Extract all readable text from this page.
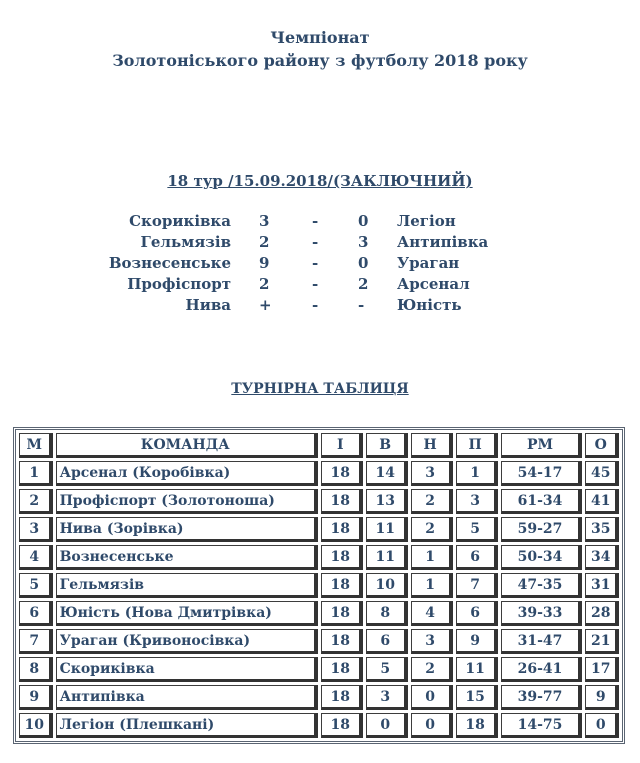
Чемпіонат
Золотоніського району з футболу 2018 року
18 тур /15.09.2018/(ЗАКЛЮЧНИЙ)
Скориківка 3	-	0 Легіон
Гельмязів 2	-	3 Антипівка
Вознесенське 9	-	0 Ураган
Профіспорт 2	-	2 Арсенал
Нива +	-	- Юність
ТУРНІРНА ТАБЛИЦЯ
М	КОМАНДА	І	В	Н	П	РМ	О
1	Арсенал (Коробівка)	18	14	3	1	54-17	45
2	Профіспорт (Золотоноша)	18	13	2	3	61-34	41
3	Нива (Зорівка)	18	11	2	5	59-27	35
4	Вознесенське	18	11	1	6	50-34	34
5	Гельмязів	18	10	1	7	47-35	31
6	Юність (Нова Дмитрівка)	18	8	4	6	39-33	28
7	Ураган (Кривоносівка)	18	6	3	9	31-47	21
8	Скориківка	18	5	2	11	26-41	17
9	Антипівка	18	3	0	15	39-77	9
10	Легіон (Плешкані)	18	0	0	18	14-75	0
